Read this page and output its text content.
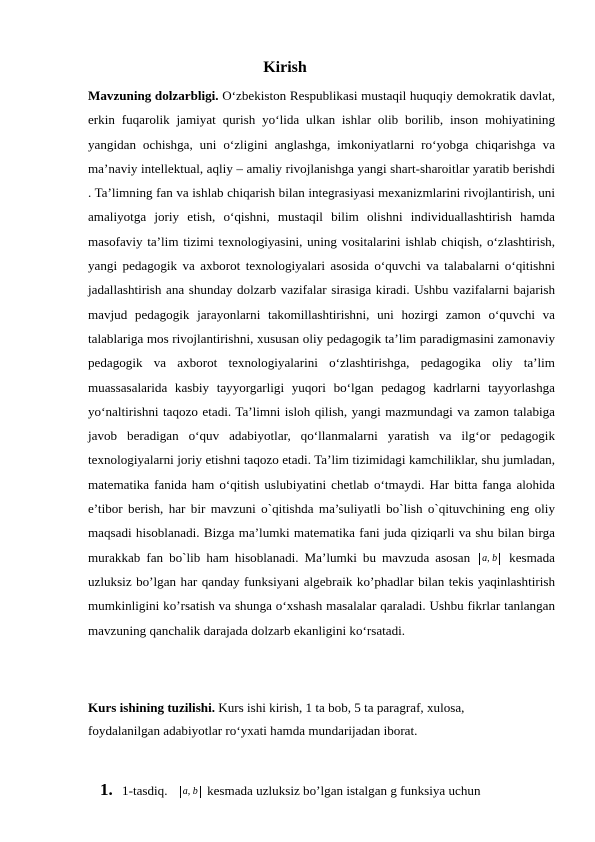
Kirish

Mavzuning dolzarbligi. O‘zbekiston Respublikasi mustaqil huquqiy demokratik davlat, erkin fuqarolik jamiyat qurish yo‘lida ulkan ishlar olib borilib, inson mohiyatining yangidan ochishga, uni o‘zligini anglashga, imkoniyatlarni ro‘yobga chiqarishga va ma’naviy intellektual, aqliy – amaliy rivojlanishga yangi shart-sharoitlar yaratib berishdi . Ta’limning fan va ishlab chiqarish bilan integrasiyasi mexanizmlarini rivojlantirish, uni amaliyotga joriy etish, o‘qishni, mustaqil bilim olishni individuallashtirish hamda masofaviy ta’lim tizimi texnologiyasini, uning vositalarini ishlab chiqish, o‘zlashtirish, yangi pedagogik va axborot texnologiyalari asosida o‘quvchi va talabalarni o‘qitishni jadallashtirish ana shunday dolzarb vazifalar sirasiga kiradi. Ushbu vazifalarni bajarish mavjud pedagogik jarayonlarni takomillashtirishni, uni hozirgi zamon o‘quvchi va talablariga mos rivojlantirishni, xususan oliy pedagogik ta’lim paradigmasini zamonaviy pedagogik va axborot texnologiyalarini o‘zlashtirishga, pedagogika oliy ta’lim muassasalarida kasbiy tayyorgarligi yuqori bo‘lgan pedagog kadrlarni tayyorlashga yo‘naltirishni taqozo etadi. Ta’limni isloh qilish, yangi mazmundagi va zamon talabiga javob beradigan o‘quv adabiyotlar, qo‘llanmalarni yaratish va ilg‘or pedagogik texnologiyalarni joriy etishni taqozo etadi. Ta’lim tizimidagi kamchiliklar, shu jumladan, matematika fanida ham o‘qitish uslubiyatini chetlab o‘tmaydi. Har bitta fanga alohida e’tibor berish, har bir mavzuni o`qitishda ma’suliyatli bo`lish o`qituvchining eng oliy maqsadi hisoblanadi. Bizga ma’lumki matematika fani juda qiziqarli va shu bilan birga murakkab fan bo`lib ham hisoblanadi. Ma’lumki bu mavzuda asosan a, b kesmada uzluksiz bo’lgan har qanday funksiyani algebraik ko’phadlar bilan tekis yaqinlashtirish mumkinligini ko’rsatish va shunga o‘xshash masalalar qaraladi. Ushbu fikrlar tanlangan mavzuning qanchalik darajada dolzarb ekanligini ko‘rsatadi.

Kurs ishining tuzilishi. Kurs ishi kirish, 1 ta bob, 5 ta paragraf, xulosa,

foydalanilgan adabiyotlar ro‘yxati hamda mundarijadan iborat.

1. 1-tasdiq. a, b kesmada uzluksiz bo’lgan istalgan g funksiya uchun
